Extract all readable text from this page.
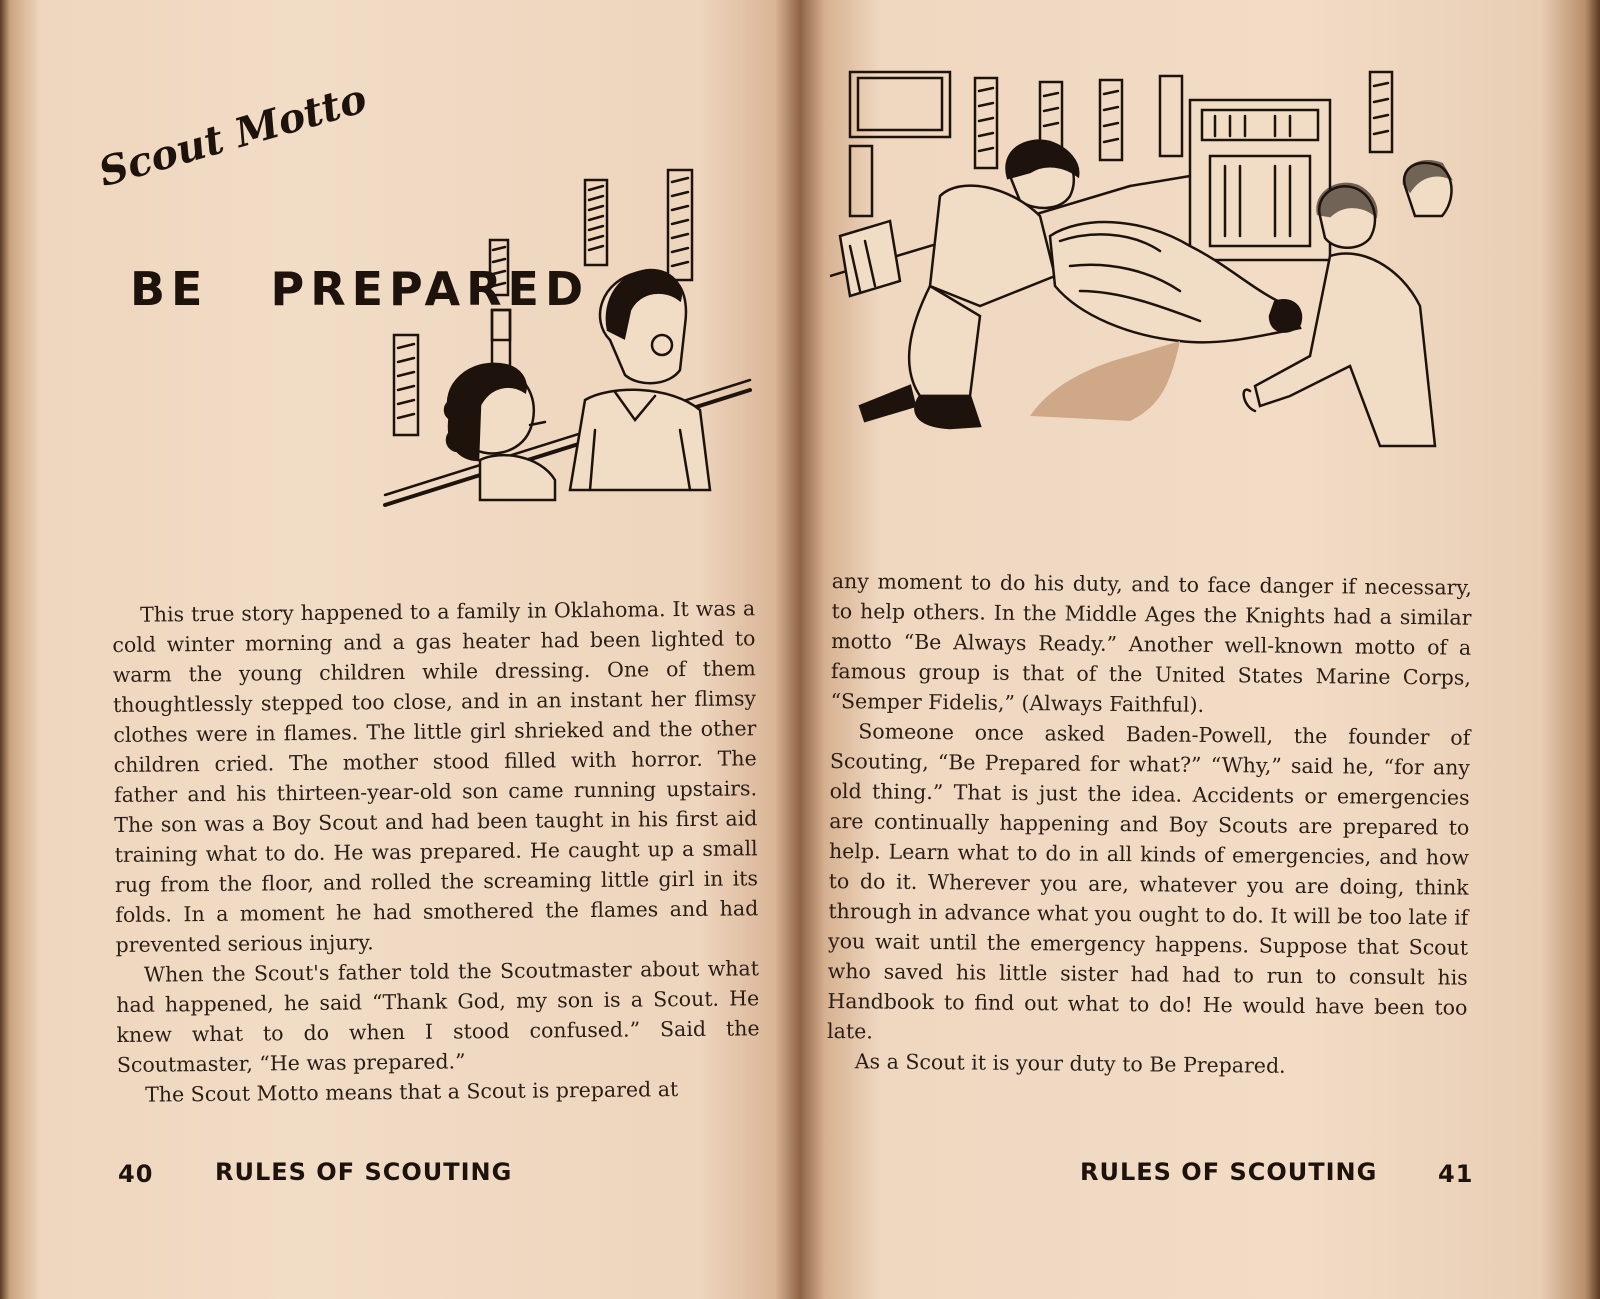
Scout Motto
BE PREPARED

This true story happened to a family in Oklahoma. It was a cold winter morning and a gas heater had been lighted to warm the young children while dressing. One of them thoughtlessly stepped too close, and in an instant her flimsy clothes were in flames. The little girl shrieked and the other children cried. The mother stood filled with horror. The father and his thirteen-year-old son came running upstairs. The son was a Boy Scout and had been taught in his first aid training what to do. He was prepared. He caught up a small rug from the floor, and rolled the screaming little girl in its folds. In a moment he had smothered the flames and had prevented serious injury.

When the Scout's father told the Scoutmaster about what had happened, he said “Thank God, my son is a Scout. He knew what to do when I stood confused.” Said the Scoutmaster, “He was prepared.”

The Scout Motto means that a Scout is prepared at

40	RULES OF SCOUTING	RULES OF SCOUTING	41

any moment to do his duty, and to face danger if necessary, to help others. In the Middle Ages the Knights had a similar motto “Be Always Ready.” Another well-known motto of a famous group is that of the United States Marine Corps, “Semper Fidelis,” (Always Faithful).

Someone once asked Baden-Powell, the founder of Scouting, “Be Prepared for what?” “Why,” said he, “for any old thing.” That is just the idea. Accidents or emergencies are continually happening and Boy Scouts are prepared to help. Learn what to do in all kinds of emergencies, and how to do it. Wherever you are, whatever you are doing, think through in advance what you ought to do. It will be too late if you wait until the emergency happens. Suppose that Scout who saved his little sister had had to run to consult his Handbook to find out what to do! He would have been too late.

As a Scout it is your duty to Be Prepared.
